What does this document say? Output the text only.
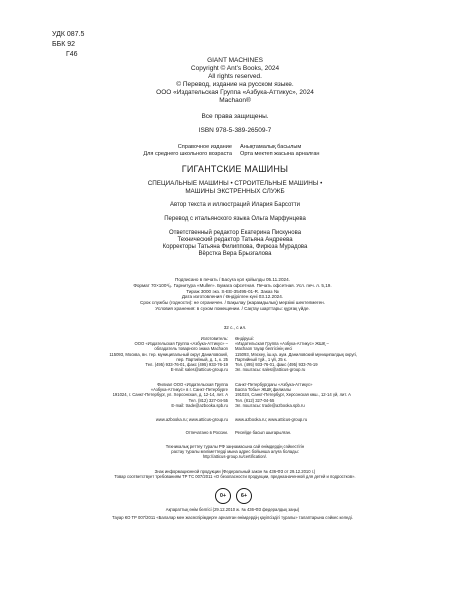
УДК 087.5
ББК 92
Г46
GIANT MACHINES
Copyright © Ant’s Books, 2024
All rights reserved.
© Перевод, издание на русском языке.
ООО «Издательская Группа «Азбука-Аттикус», 2024
Machaon®
Все права защищены.
ISBN 978-5-389-26509-7
Справочное издание
Для среднего школьного возраста
Анықтамалық басылым
Орта мектеп жасына арналған
ГИГАНТСКИЕ МАШИНЫ
СПЕЦИАЛЬНЫЕ МАШИНЫ • СТРОИТЕЛЬНЫЕ МАШИНЫ •
МАШИНЫ ЭКСТРЕННЫХ СЛУЖБ
Автор текста и иллюстраций Илария Барсотти
Перевод с итальянского языка Ольга Марфунцева
Ответственный редактор Екатерина Пискунова
Технический редактор Татьяна Андреева
Корректоры Татьяна Филиппова, Фирюза Мурадова
Вёрстка Вера Брызгалова
Подписано в печать / Басуға қол қойылды 05.11.2024.
Формат 70×100¹/₈. Гарнитура «Muller». Бумага офсетная. Печать офсетная. Усл. печ. л. 5,19.
Тираж 3000 экз. S-EE-35495-01-R. Заказ №
Дата изготовления / Өндірілген күні 03.12.2024.
Срок службы (годности): не ограничен. / Бақылау (жарамдылық) мерзімі шектелмеген.
Условия хранения: в сухом помещении. / Сақтау шарттары: құрғақ үйде.
32 с., с ил.
Изготовитель:
ООО «Издательская Группа «Азбука-Аттикус» –
обладатель товарного знака Machaon
115093, Москва, вн. тер. муниципальный округ Даниловский,
пер. Партийный, д. 1, к. 25
Тел. (495) 933-76-01, факс (495) 933-76-19
E-mail: sales@atticus-group.ru
Өндіруші:
«Издательская Группа «Азбука-Аттикус» ЖШҚ –
Machaon тауар белгісінің иесі
115093, Мәскеу, іш.қа. аум. Даниловский муниципалдық округі,
Партийный тұй., 1 үй, 25 к.
Тел. (495) 933-76-01, факс (495) 933-76-19
Эл. поштасы: sales@atticus-group.ru
Филиал ООО «Издательская Группа
«Азбука-Аттикус» в г. Санкт-Петербурге
191024, г. Санкт-Петербург, ул. Херсонская, д. 12-14, лит. А
Тел. (812) 327-04-55
E-mail: trade@azbooka.spb.ru
Санкт-Петербургдағы «Азбука-Аттикус»
Баспа Тобы» ЖШҚ филиалы
191024, Санкт-Петербург, Херсонская көш., 12-14 үй, лит. А
Тел. (812) 327-04-55
Эл. поштасы: trade@azbooka.spb.ru
www.azbooka.ru; www.atticus-group.ru www.azbooka.ru; www.atticus-group.ru
Отпечатано в России. Ресейде басып шығарылған.
Техникалық реттеу туралы РФ заңнамасына сай өнімдердің сәйкестігін
растау туралы мәліметтерді мына адрес бойынша алуға болады:
http://atticus-group.ru/certification/.
Знак информационной продукции (Федеральный закон № 436-ФЗ от 29.12.2010 г.)
Товар соответствует требованиям ТР ТС 007/2011 «О безопасности продукции, предназначенной для детей и подростков».
0+	6+
Ақпараттық өнім белгісі (29.12.2010 ж. № 436-ФЗ федералдық заңы)
Тауар КО ТР 007/2011 «Балалар мен жасөспірімдерге арналған өнімдердің қауіпсіздігі туралы» талаптарына сәйкес келеді.
